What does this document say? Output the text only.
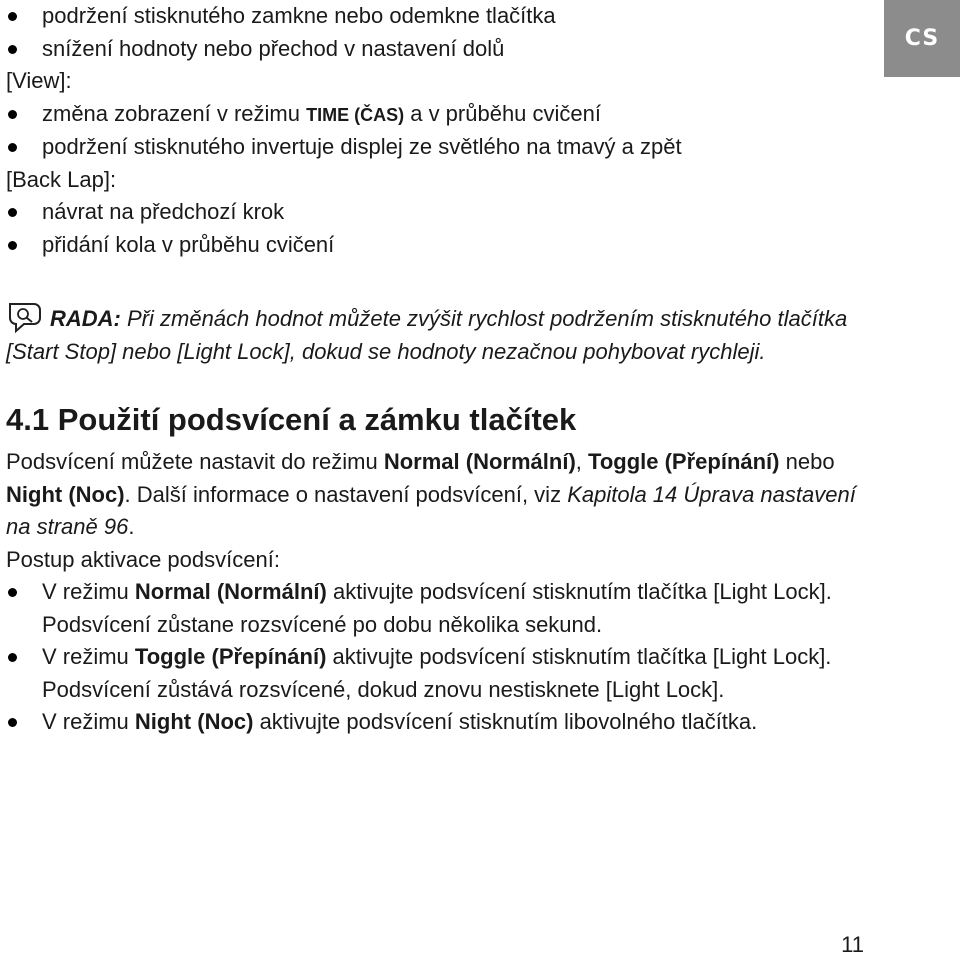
CS
podržení stisknutého zamkne nebo odemkne tlačítka
snížení hodnoty nebo přechod v nastavení dolů

[View]:

změna zobrazení v režimu TIME (ČAS) a v průběhu cvičení
podržení stisknutého invertuje displej ze světlého na tmavý a zpět

[Back Lap]:

návrat na předchozí krok
přidání kola v průběhu cvičení

RADA: Při změnách hodnot můžete zvýšit rychlost podržením stisknutého tlačítka [Start Stop] nebo [Light Lock], dokud se hodnoty nezačnou pohybovat rychleji.

4.1 Použití podsvícení a zámku tlačítek

Podsvícení můžete nastavit do režimu Normal (Normální), Toggle (Přepínání) nebo Night (Noc). Další informace o nastavení podsvícení, viz Kapitola 14 Úprava nastavení na straně 96.

Postup aktivace podsvícení:

V režimu Normal (Normální) aktivujte podsvícení stisknutím tlačítka [Light Lock]. Podsvícení zůstane rozsvícené po dobu několika sekund.
V režimu Toggle (Přepínání) aktivujte podsvícení stisknutím tlačítka [Light Lock]. Podsvícení zůstává rozsvícené, dokud znovu nestisknete [Light Lock].
V režimu Night (Noc) aktivujte podsvícení stisknutím libovolného tlačítka.
11
